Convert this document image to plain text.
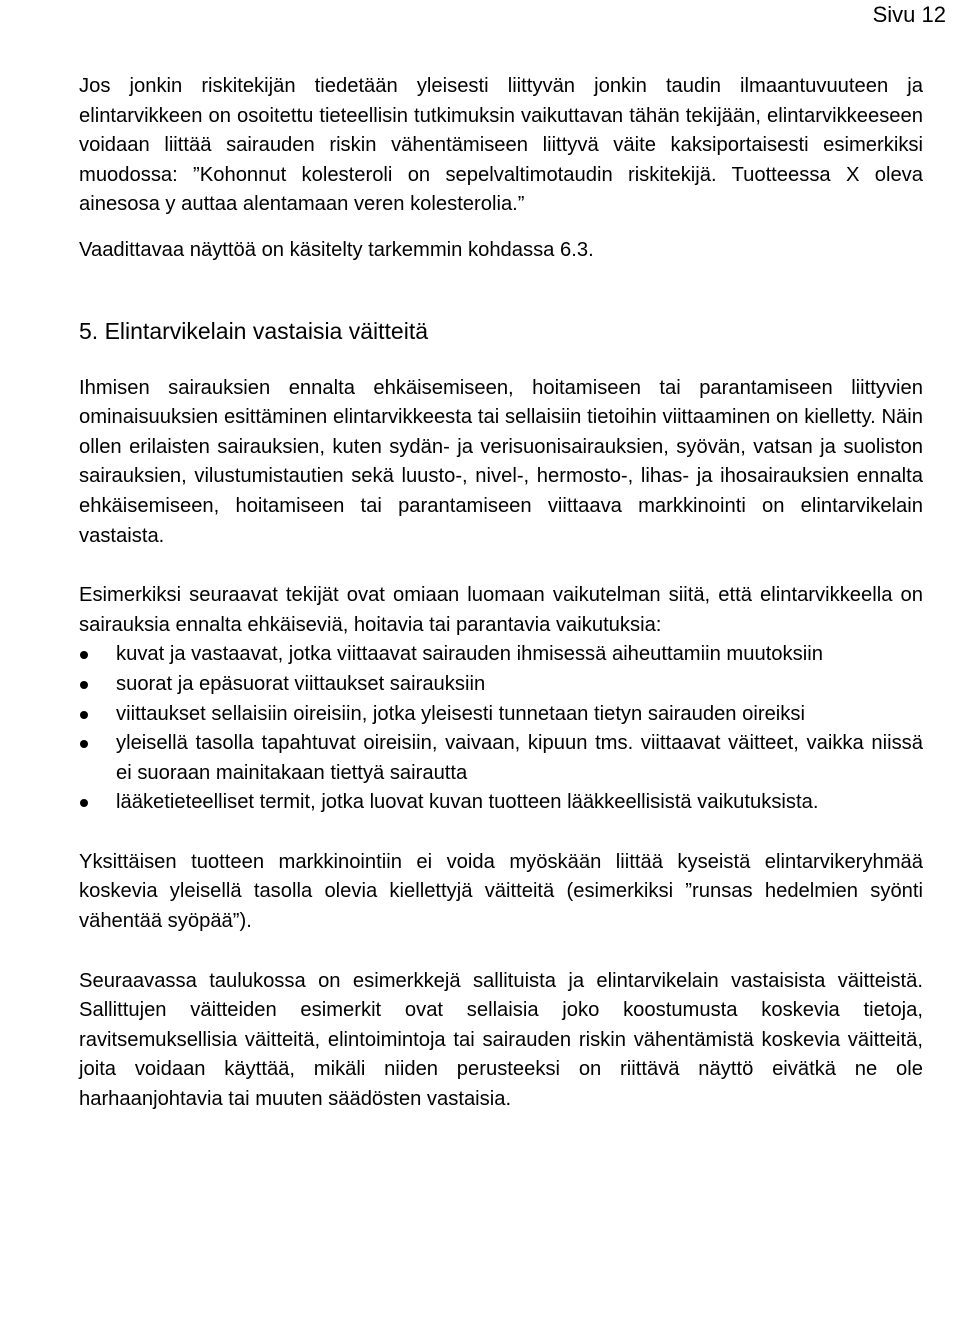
Sivu 12

Jos jonkin riskitekijän tiedetään yleisesti liittyvän jonkin taudin ilmaantuvuuteen ja elintarvikkeen on osoitettu tieteellisin tutkimuksin vaikuttavan tähän tekijään, elintarvikkeeseen voidaan liittää sairauden riskin vähentämiseen liittyvä väite kaksiportaisesti esimerkiksi muodossa: ”Kohonnut kolesteroli on sepelvaltimotaudin riskitekijä. Tuotteessa X oleva ainesosa y auttaa alentamaan veren kolesterolia.”

Vaadittavaa näyttöä on käsitelty tarkemmin kohdassa 6.3.

5. Elintarvikelain vastaisia väitteitä

Ihmisen sairauksien ennalta ehkäisemiseen, hoitamiseen tai parantamiseen liittyvien ominaisuuksien esittäminen elintarvikkeesta tai sellaisiin tietoihin viittaaminen on kielletty. Näin ollen erilaisten sairauksien, kuten sydän- ja verisuonisairauksien, syövän, vatsan ja suoliston sairauksien, vilustumistautien sekä luusto-, nivel-, hermosto-, lihas- ja ihosairauksien ennalta ehkäisemiseen, hoitamiseen tai parantamiseen viittaava markkinointi on elintarvikelain vastaista.

Esimerkiksi seuraavat tekijät ovat omiaan luomaan vaikutelman siitä, että elintarvikkeella on sairauksia ennalta ehkäiseviä, hoitavia tai parantavia vaikutuksia:

kuvat ja vastaavat, jotka viittaavat sairauden ihmisessä aiheuttamiin muutoksiin
suorat ja epäsuorat viittaukset sairauksiin
viittaukset sellaisiin oireisiin, jotka yleisesti tunnetaan tietyn sairauden oireiksi
yleisellä tasolla tapahtuvat oireisiin, vaivaan, kipuun tms. viittaavat väitteet, vaikka niissä ei suoraan mainitakaan tiettyä sairautta
lääketieteelliset termit, jotka luovat kuvan tuotteen lääkkeellisistä vaikutuksista.

Yksittäisen tuotteen markkinointiin ei voida myöskään liittää kyseistä elintarvikeryhmää koskevia yleisellä tasolla olevia kiellettyjä väitteitä (esimerkiksi ”runsas hedelmien syönti vähentää syöpää”).

Seuraavassa taulukossa on esimerkkejä sallituista ja elintarvikelain vastaisista väitteistä. Sallittujen väitteiden esimerkit ovat sellaisia joko koostumusta koskevia tietoja, ravitsemuksellisia väitteitä, elintoimintoja tai sairauden riskin vähentämistä koskevia väitteitä, joita voidaan käyttää, mikäli niiden perusteeksi on riittävä näyttö eivätkä ne ole harhaanjohtavia tai muuten säädösten vastaisia.
